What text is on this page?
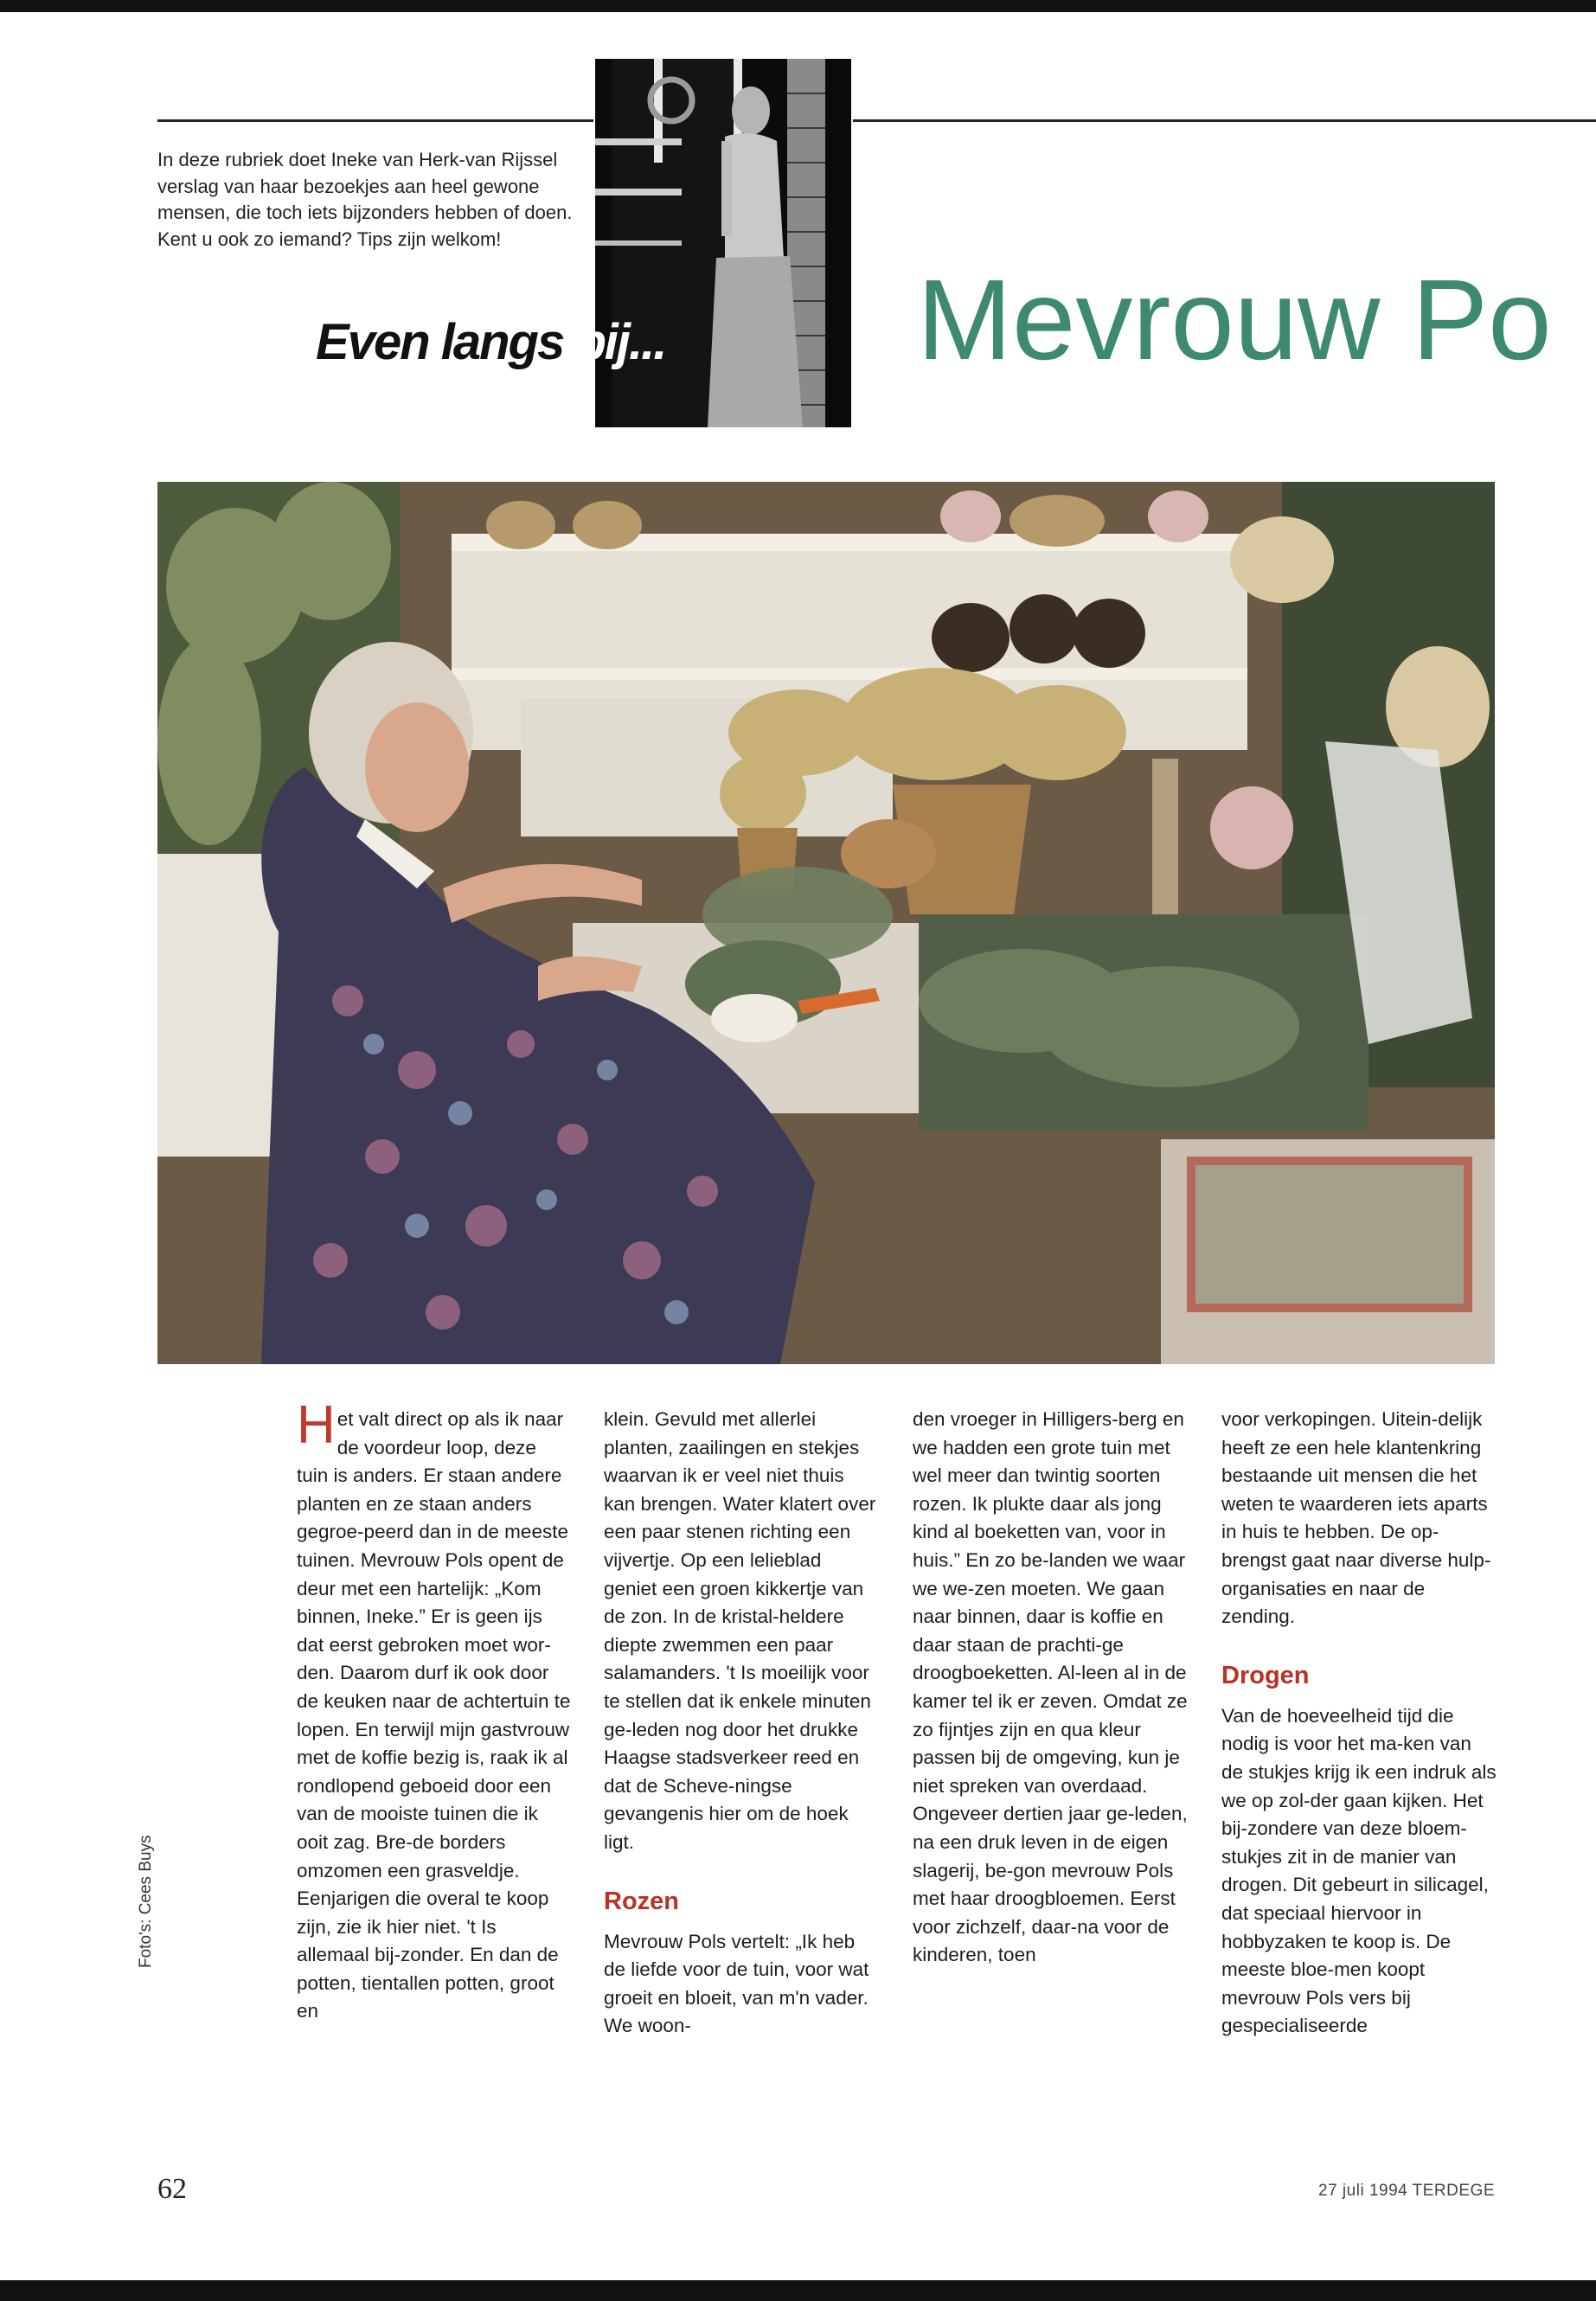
In deze rubriek doet Ineke van Herk-van Rijssel verslag van haar bezoekjes aan heel gewone mensen, die toch iets bijzonders hebben of doen. Kent u ook zo iemand? Tips zijn welkom!
Even langs bij...	Mevrouw Po

Het valt direct op als ik naar de voordeur loop, deze tuin is anders. Er staan andere planten en ze staan anders gegroe-peerd dan in de meeste tuinen. Mevrouw Pols opent de deur met een hartelijk: „Kom binnen, Ineke.” Er is geen ijs dat eerst gebroken moet wor-den. Daarom durf ik ook door de keuken naar de achtertuin te lopen. En terwijl mijn gastvrouw met de koffie bezig is, raak ik al rondlopend geboeid door een van de mooiste tuinen die ik ooit zag. Bre-de borders omzomen een grasveldje. Eenjarigen die overal te koop zijn, zie ik hier niet. 't Is allemaal bij-zonder. En dan de potten, tientallen potten, groot en

klein. Gevuld met allerlei planten, zaailingen en stekjes waarvan ik er veel niet thuis kan brengen. Water klatert over een paar stenen richting een vijvertje. Op een lelieblad geniet een groen kikkertje van de zon. In de kristal-heldere diepte zwemmen een paar salamanders. 't Is moeilijk voor te stellen dat ik enkele minuten ge-leden nog door het drukke Haagse stadsverkeer reed en dat de Scheve-ningse gevangenis hier om de hoek ligt.

Rozen

Mevrouw Pols vertelt: „Ik heb de liefde voor de tuin, voor wat groeit en bloeit, van m'n vader. We woon-

den vroeger in Hilligers-berg en we hadden een grote tuin met wel meer dan twintig soorten rozen. Ik plukte daar als jong kind al boeketten van, voor in huis.” En zo be-landen we waar we we-zen moeten. We gaan naar binnen, daar is koffie en daar staan de prachti-ge droogboeketten. Al-leen al in de kamer tel ik er zeven. Omdat ze zo fijntjes zijn en qua kleur passen bij de omgeving, kun je niet spreken van overdaad.

Ongeveer dertien jaar ge-leden, na een druk leven in de eigen slagerij, be-gon mevrouw Pols met haar droogbloemen. Eerst voor zichzelf, daar-na voor de kinderen, toen

voor verkopingen. Uitein-delijk heeft ze een hele klantenkring bestaande uit mensen die het weten te waarderen iets aparts in huis te hebben. De op-brengst gaat naar diverse hulp-organisaties en naar de zending.

Drogen

Van de hoeveelheid tijd die nodig is voor het ma-ken van de stukjes krijg ik een indruk als we op zol-der gaan kijken. Het bij-zondere van deze bloem-stukjes zit in de manier van drogen. Dit gebeurt in silicagel, dat speciaal hiervoor in hobbyzaken te koop is. De meeste bloe-men koopt mevrouw Pols vers bij gespecialiseerde

Foto's: Cees Buys
62	27 juli 1994 TERDEGE
